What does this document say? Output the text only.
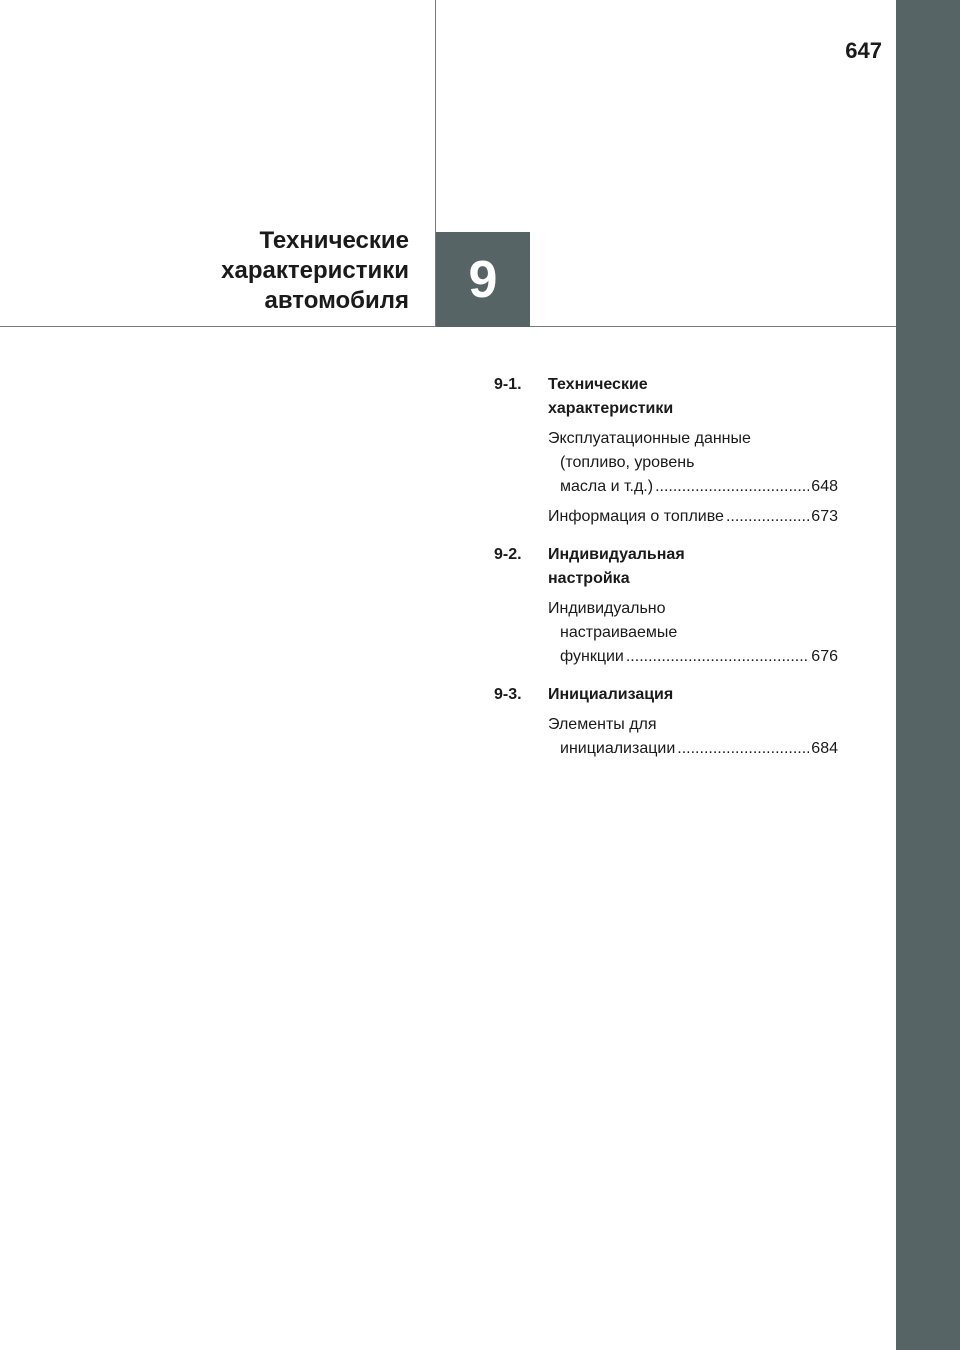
647
Технические
характеристики
автомобиля 9
9-1. Технические
характеристики
Эксплуатационные данные
(топливо, уровень
масла и т.д.) .....	648
Информация о топливе .....	673
9-2. Индивидуальная
настройка
Индивидуально
настраиваемые
функции .....	676
9-3. Инициализация
Элементы для
инициализации .....	684
